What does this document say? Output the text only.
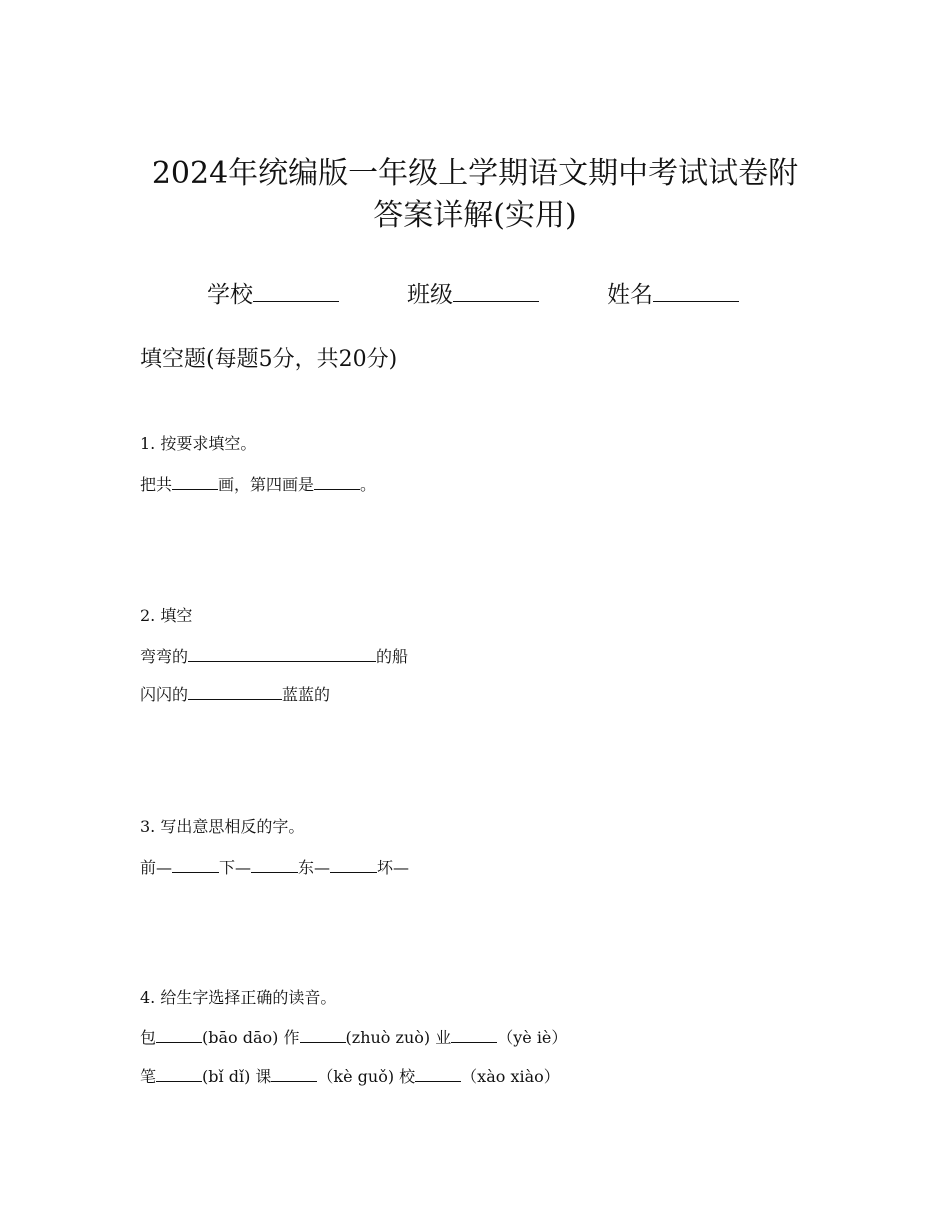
2024年统编版一年级上学期语文期中考试试卷附
答案详解(实用)
学校	班级	姓名
填空题(每题5分，共20分)
1. 按要求填空。
把共	画，第四画是	。
2. 填空
弯弯的	的船
闪闪的	蓝蓝的
3. 写出意思相反的字。
前—	下—	东—	坏—
4. 给生字选择正确的读音。
包	(bāo dāo) 作	(zhuò zuò) 业	（yè iè）
笔	(bǐ dǐ) 课	（kè guǒ) 校	（xào xiào）
